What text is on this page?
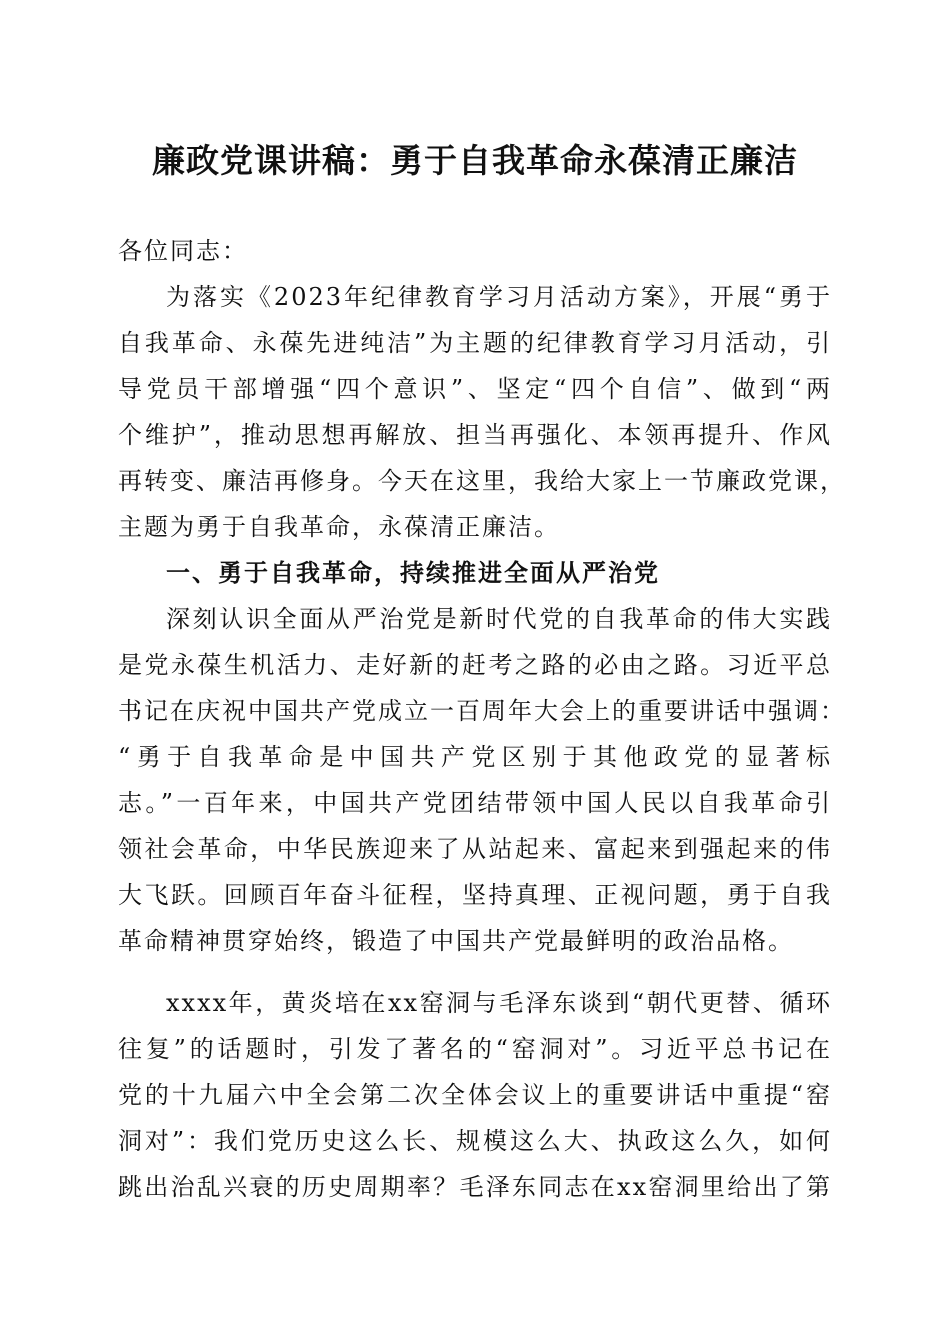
廉政党课讲稿：勇于自我革命永葆清正廉洁

各位同志：

为落实《2023年纪律教育学习月活动方案》，开展“勇于
自我革命、永葆先进纯洁”为主题的纪律教育学习月活动，引
导党员干部增强“四个意识”、坚定“四个自信”、做到“两
个维护”，推动思想再解放、担当再强化、本领再提升、作风
再转变、廉洁再修身。今天在这里，我给大家上一节廉政党课，
主题为勇于自我革命，永葆清正廉洁。

一、勇于自我革命，持续推进全面从严治党

深刻认识全面从严治党是新时代党的自我革命的伟大实践
是党永葆生机活力、走好新的赶考之路的必由之路。习近平总
书记在庆祝中国共产党成立一百周年大会上的重要讲话中强调：
“勇于自我革命是中国共产党区别于其他政党的显著标
志。”一百年来，中国共产党团结带领中国人民以自我革命引
领社会革命，中华民族迎来了从站起来、富起来到强起来的伟
大飞跃。回顾百年奋斗征程，坚持真理、正视问题，勇于自我
革命精神贯穿始终，锻造了中国共产党最鲜明的政治品格。
xxxx年，黄炎培在xx窑洞与毛泽东谈到“朝代更替、循环
往复”的话题时，引发了著名的“窑洞对”。习近平总书记在
党的十九届六中全会第二次全体会议上的重要讲话中重提“窑
洞对”：我们党历史这么长、规模这么大、执政这么久，如何
跳出治乱兴衰的历史周期率？毛泽东同志在xx窑洞里给出了第
